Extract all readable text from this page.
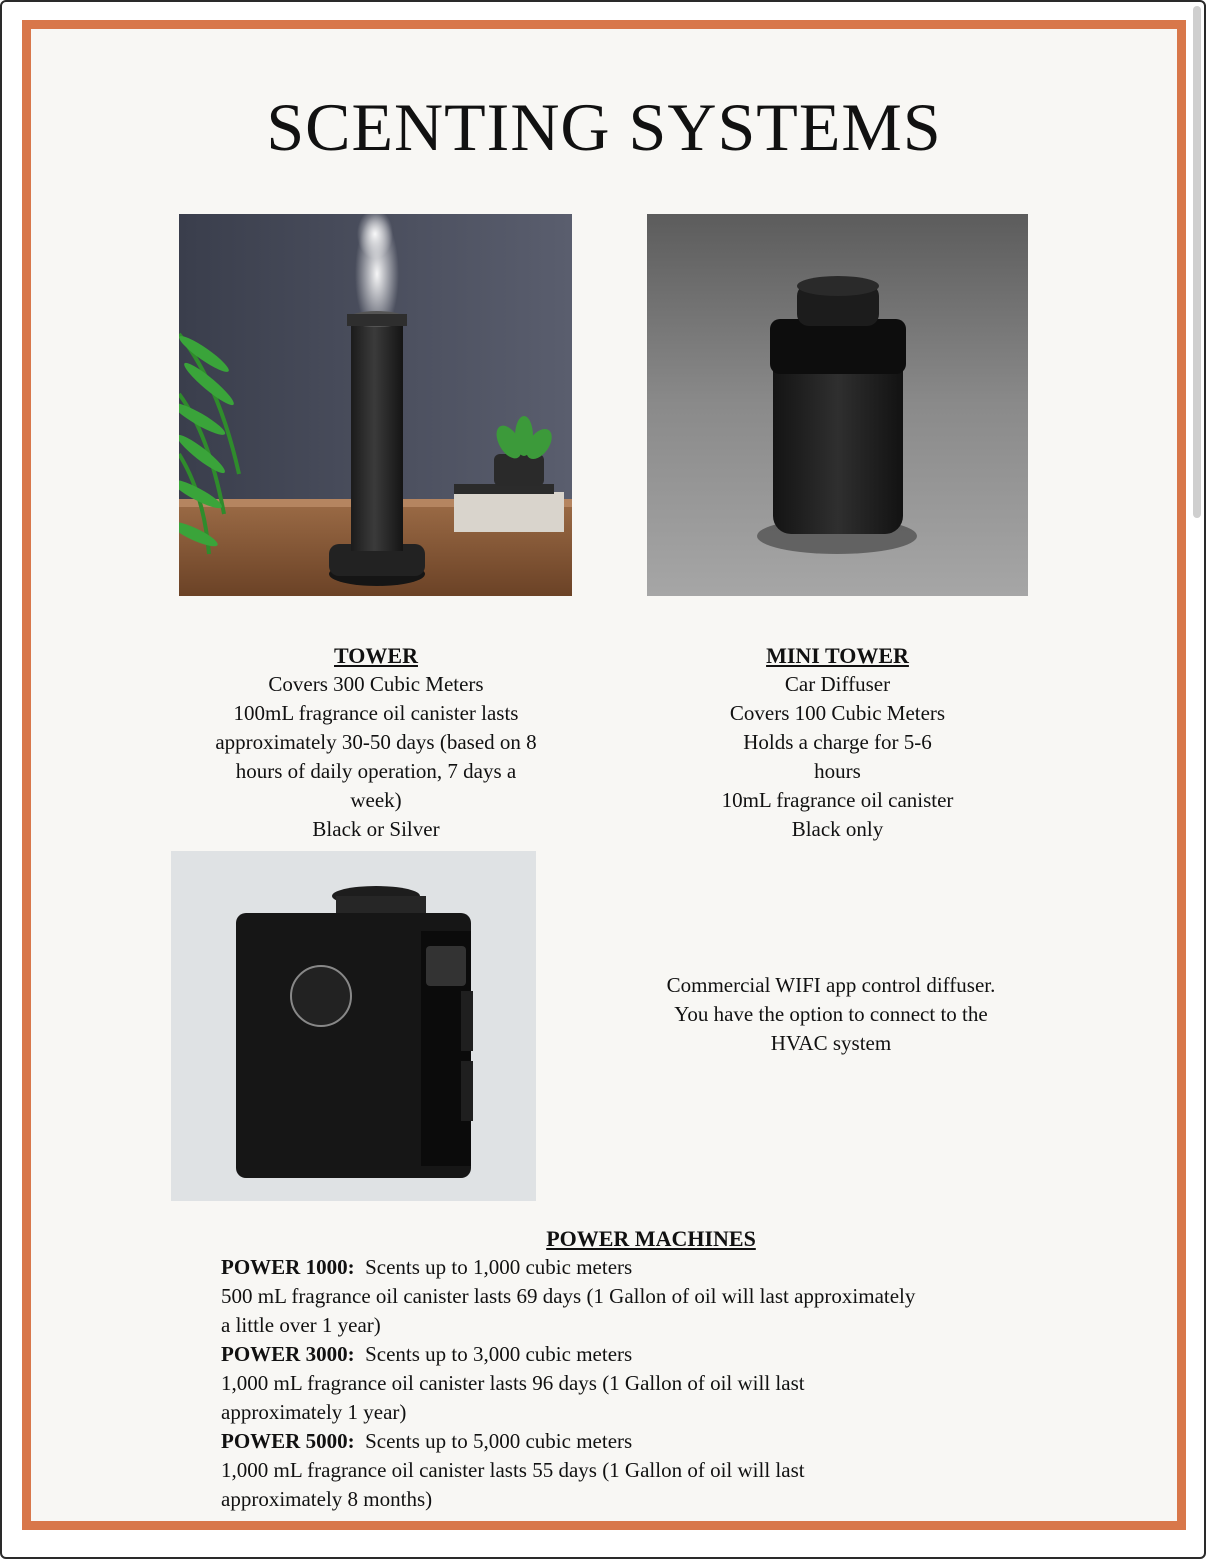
SCENTING SYSTEMS
TOWER
Covers 300 Cubic Meters
100mL fragrance oil canister lasts
approximately 30-50 days (based on 8
hours of daily operation, 7 days a
week)
Black or Silver
MINI TOWER
Car Diffuser
Covers 100 Cubic Meters
Holds a charge for 5-6
hours
10mL fragrance oil canister
Black only
Commercial WIFI app control diffuser.
You have the option to connect to the
HVAC system
POWER MACHINES
POWER 1000: Scents up to 1,000 cubic meters
500 mL fragrance oil canister lasts 69 days (1 Gallon of oil will last approximately
a little over 1 year)
POWER 3000: Scents up to 3,000 cubic meters
1,000 mL fragrance oil canister lasts 96 days (1 Gallon of oil will last
approximately 1 year)
POWER 5000: Scents up to 5,000 cubic meters
1,000 mL fragrance oil canister lasts 55 days (1 Gallon of oil will last
approximately 8 months)
